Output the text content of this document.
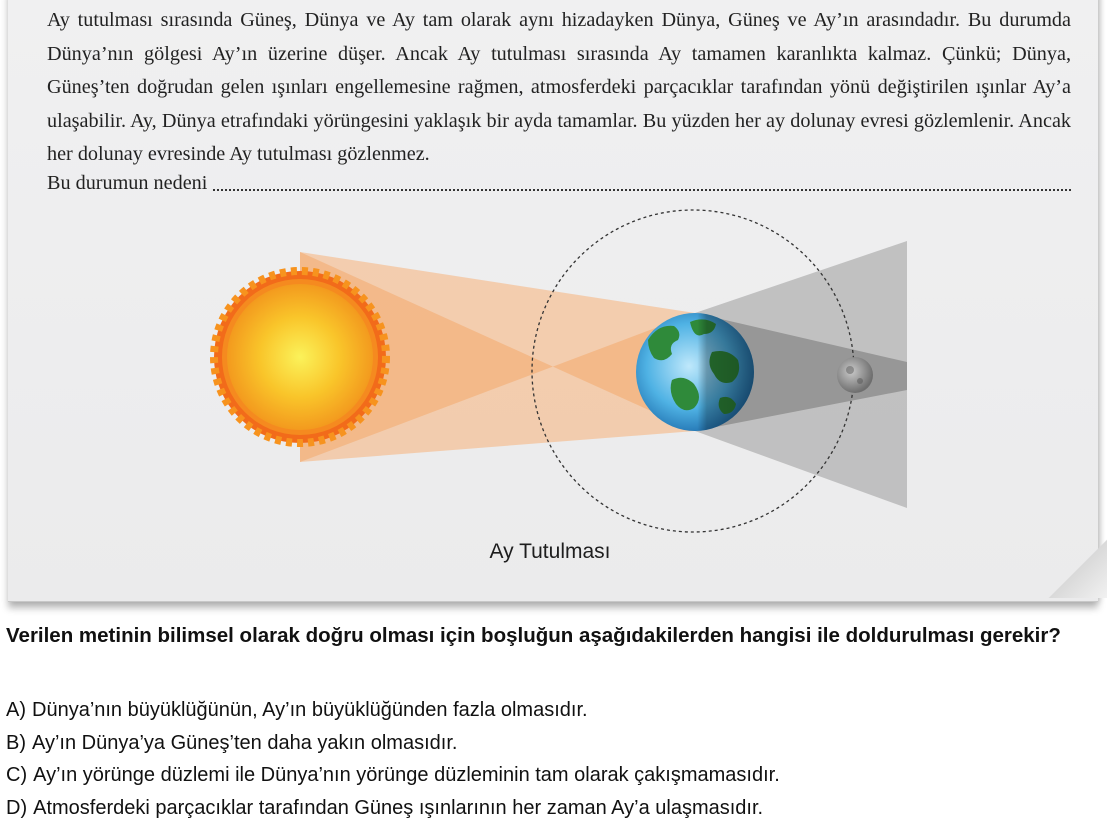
Ay tutulması sırasında Güneş, Dünya ve Ay tam olarak aynı hizadayken Dünya, Güneş ve Ay’ın arasındadır. Bu durumda Dünya’nın gölgesi Ay’ın üzerine düşer. Ancak Ay tutulması sırasında Ay tamamen karanlıkta kalmaz. Çünkü; Dünya, Güneş’ten doğrudan gelen ışınları engellemesine rağmen, atmosferdeki parçacıklar tarafından yönü değiştirilen ışınlar Ay’a ulaşabilir. Ay, Dünya etrafındaki yörüngesini yaklaşık bir ayda tamamlar. Bu yüzden her ay dolunay evresi gözlemlenir. Ancak her dolunay evresinde Ay tutulması gözlenmez.

Bu durumun nedeni
Ay Tutulması

Verilen metinin bilimsel olarak doğru olması için boşluğun aşağıdakilerden hangisi ile doldurulması gerekir?

A) Dünya’nın büyüklüğünün, Ay’ın büyüklüğünden fazla olmasıdır.
B) Ay’ın Dünya’ya Güneş’ten daha yakın olmasıdır.
C) Ay’ın yörünge düzlemi ile Dünya’nın yörünge düzleminin tam olarak çakışmamasıdır.
D) Atmosferdeki parçacıklar tarafından Güneş ışınlarının her zaman Ay’a ulaşmasıdır.
